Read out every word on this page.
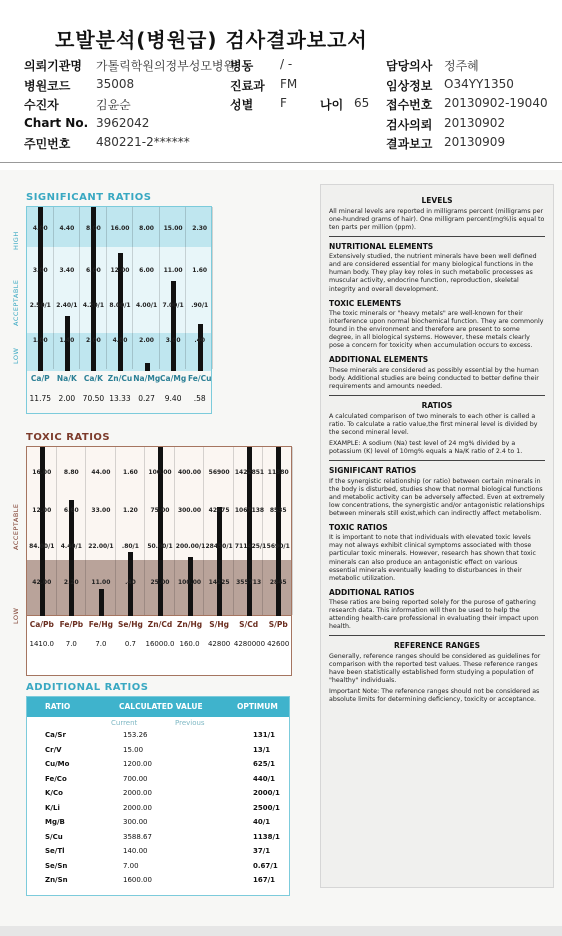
모발분석(병원급) 검사결과보고서
의뢰기관명 가톨릭학원의정부성모병원
병동 / -	담당의사 정주혜
병원코드 35008	진료과 FM	임상정보 O34YY1350
수진자	김윤순	성별 F	나이 65 접수번호 20130902-19040
Chart No. 3962042	검사의뢰 20130902
주민번호 480221-2******	결과보고 20130909
SIGNIFICANT RATIOS
4.00
3.00
2.50/1
1.00
4.40
3.40
2.40/1
1.40
8.00
6.00
4.20/1
2.00
16.00
12.00
8.00/1
4.00
8.00
6.00
4.00/1
2.00
15.00
11.00
7.00/1
3.00
2.30
1.60
.90/1
.40
HIGH
ACCEPTABLE
LOW
Ca/P Na/K Ca/K Zn/Cu Na/Mg Ca/Mg Fe/Cu
11.75 2.00 70.50 13.33 0.27	9.40	.58
TOXIC RATIOS
16.00
12.00
84.00/1
42.00
8.80
6.60
4.40/1
2.20
44.00
33.00
22.00/1
11.00
1.60
1.20
.80/1
.40
100.00
75.00
50.00/1
25.00
400.00
300.00
200.00/1
100.00
56900
42675
28450/1
14225
1422851
1067138
711425/1
355713
11380
8535
5690/1
2845
ACCEPTABLE
LOW
Ca/Pb Fe/Pb Fe/Hg Se/Hg Zn/Cd Zn/Hg S/Hg	S/Cd	S/Pb
1410.0	7.0	7.0	0.7	16000.0 160.0	42800 4280000 42600
ADDITIONAL RATIOS
RATIO	CALCULATED VALUE	OPTIMUM
Current	Previous
Ca/Sr	153.26	131/1
Cr/V	15.00	13/1
Cu/Mo	1200.00	625/1
Fe/Co	700.00	440/1
K/Co	2000.00	2000/1
K/Li	2000.00	2500/1
Mg/B	300.00	40/1
S/Cu	3588.67	1138/1
Se/Tl	140.00	37/1
Se/Sn	7.00	0.67/1
Zn/Sn	1600.00	167/1
LEVELS

All mineral levels are reported in milligrams percent (milligrams per one-hundred grams of hair). One milligram percent(mg%)is equal to ten parts per million (ppm).

NUTRITIONAL ELEMENTS

Extensively studied, the nutrient minerals have been well defined and are considered essential for many biological functions in the human body. They play key roles in such metabolic processes as muscular activity, endocrine function, reproduction, skeletal integrity and overall development.

TOXIC ELEMENTS

The toxic minerals or "heavy metals" are well-known for their interference upon normal biochemical function. They are commonly found in the environment and therefore are present to some degree, in all biological systems. However, these metals clearly pose a concern for toxicity when accumulation occurs to excess.

ADDITIONAL ELEMENTS

These minerals are considered as possibly essential by the human body. Additional studies are being conducted to better define their requirements and amounts needed.

RATIOS

A calculated comparison of two minerals to each other is called a ratio. To calculate a ratio value,the first mineral level is divided by the second mineral level.

EXAMPLE: A sodium (Na) test level of 24 mg% divided by a potassium (K) level of 10mg% equals a Na/K ratio of 2.4 to 1.

SIGNIFICANT RATIOS

If the synergistic relationship (or ratio) between certain minerals in the body is disturbed, studies show that normal biological functions and metabolic activity can be adversely affected. Even at extremely low concentrations, the synergistic and/or antagonistic relationships between minerals still exist,which can indirectly affect metabolism.

TOXIC RATIOS

It is important to note that individuals with elevated toxic levels may not always exhibit clinical symptoms associated with those particular toxic minerals. However, research has shown that toxic minerals can also produce an antagonistic effect on various essential minerals eventually leading to disturbances in their metabolic utilization.

ADDITIONAL RATIOS

These ratios are being reported solely for the purose of gathering research data. This information will then be used to help the attending health-care professional in evaluating their impact upon health.

REFERENCE RANGES

Generally, reference ranges should be considered as guidelines for comparison with the reported test values. These reference ranges have been statistically established form studying a population of "healthy" individuals.

Important Note: The reference ranges should not be considered as absolute limits for determining deficiency, toxicity or acceptance.
